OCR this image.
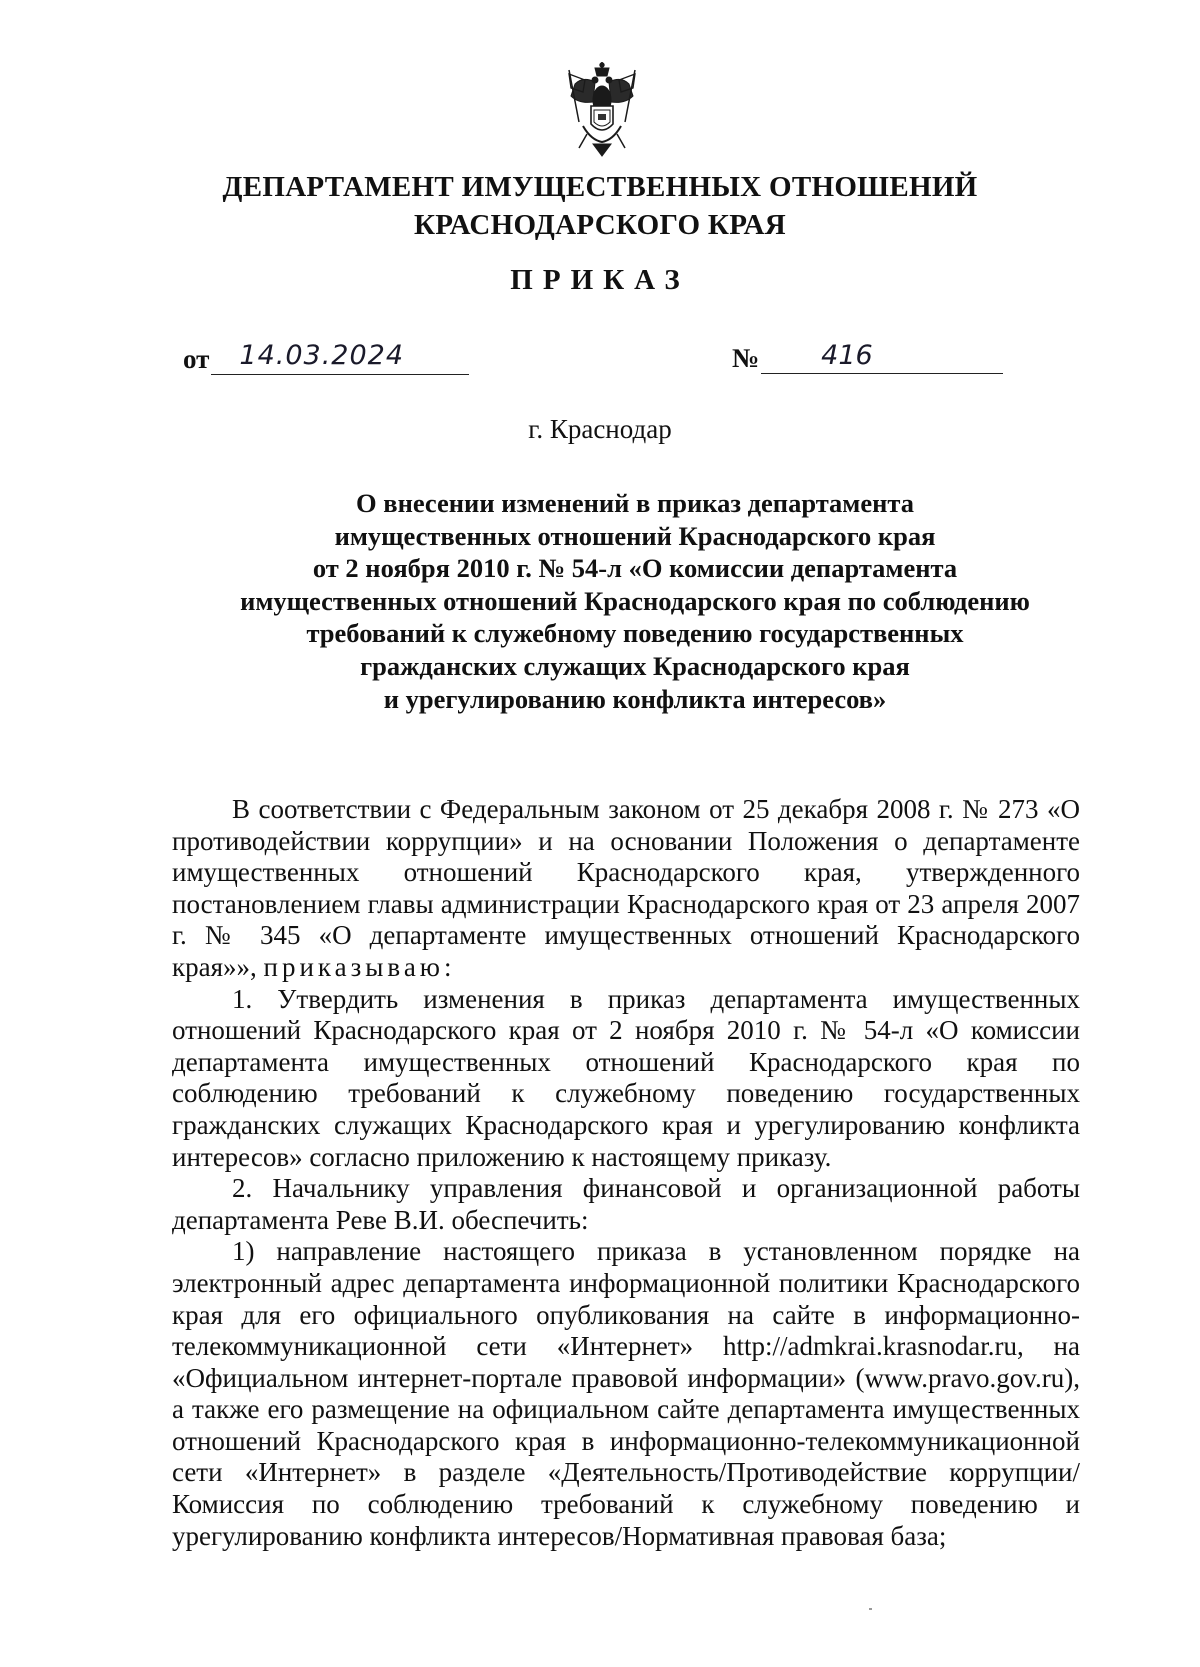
ДЕПАРТАМЕНТ ИМУЩЕСТВЕННЫХ ОТНОШЕНИЙ
КРАСНОДАРСКОГО КРАЯ
ПРИКАЗ
от	14.03.2024	№	416
г. Краснодар
О внесении изменений в приказ департамента
имущественных отношений Краснодарского края
от 2 ноября 2010 г. № 54-л «О комиссии департамента
имущественных отношений Краснодарского края по соблюдению
требований к служебному поведению государственных
гражданских служащих Краснодарского края
и урегулированию конфликта интересов»

В соответствии с Федеральным законом от 25 декабря 2008 г. № 273 «О противодействии коррупции» и на основании Положения о департаменте имущественных отношений Краснодарского края, утвержденного постановлением главы администрации Краснодарского края от 23 апреля 2007 г. № 345 «О департаменте имущественных отношений Краснодарского края»», приказываю:

1. Утвердить изменения в приказ департамента имущественных отношений Краснодарского края от 2 ноября 2010 г. № 54-л «О комиссии департамента имущественных отношений Краснодарского края по соблюдению требований к служебному поведению государственных гражданских служащих Краснодарского края и урегулированию конфликта интересов» согласно приложению к настоящему приказу.

2. Начальнику управления финансовой и организационной работы департамента Реве В.И. обеспечить:

1) направление настоящего приказа в установленном порядке на электронный адрес департамента информационной политики Краснодарского края для его официального опубликования на сайте в информационно-телекоммуникационной сети «Интернет» http://admkrai.krasnodar.ru, на «Официальном интернет-портале правовой информации» (www.pravo.gov.ru), а также его размещение на официальном сайте департамента имущественных отношений Краснодарского края в информационно-телекоммуникационной сети «Интернет» в разделе «Деятельность/Противодействие коррупции/ Комиссия по соблюдению требований к служебному поведению и урегулированию конфликта интересов/Нормативная правовая база;
